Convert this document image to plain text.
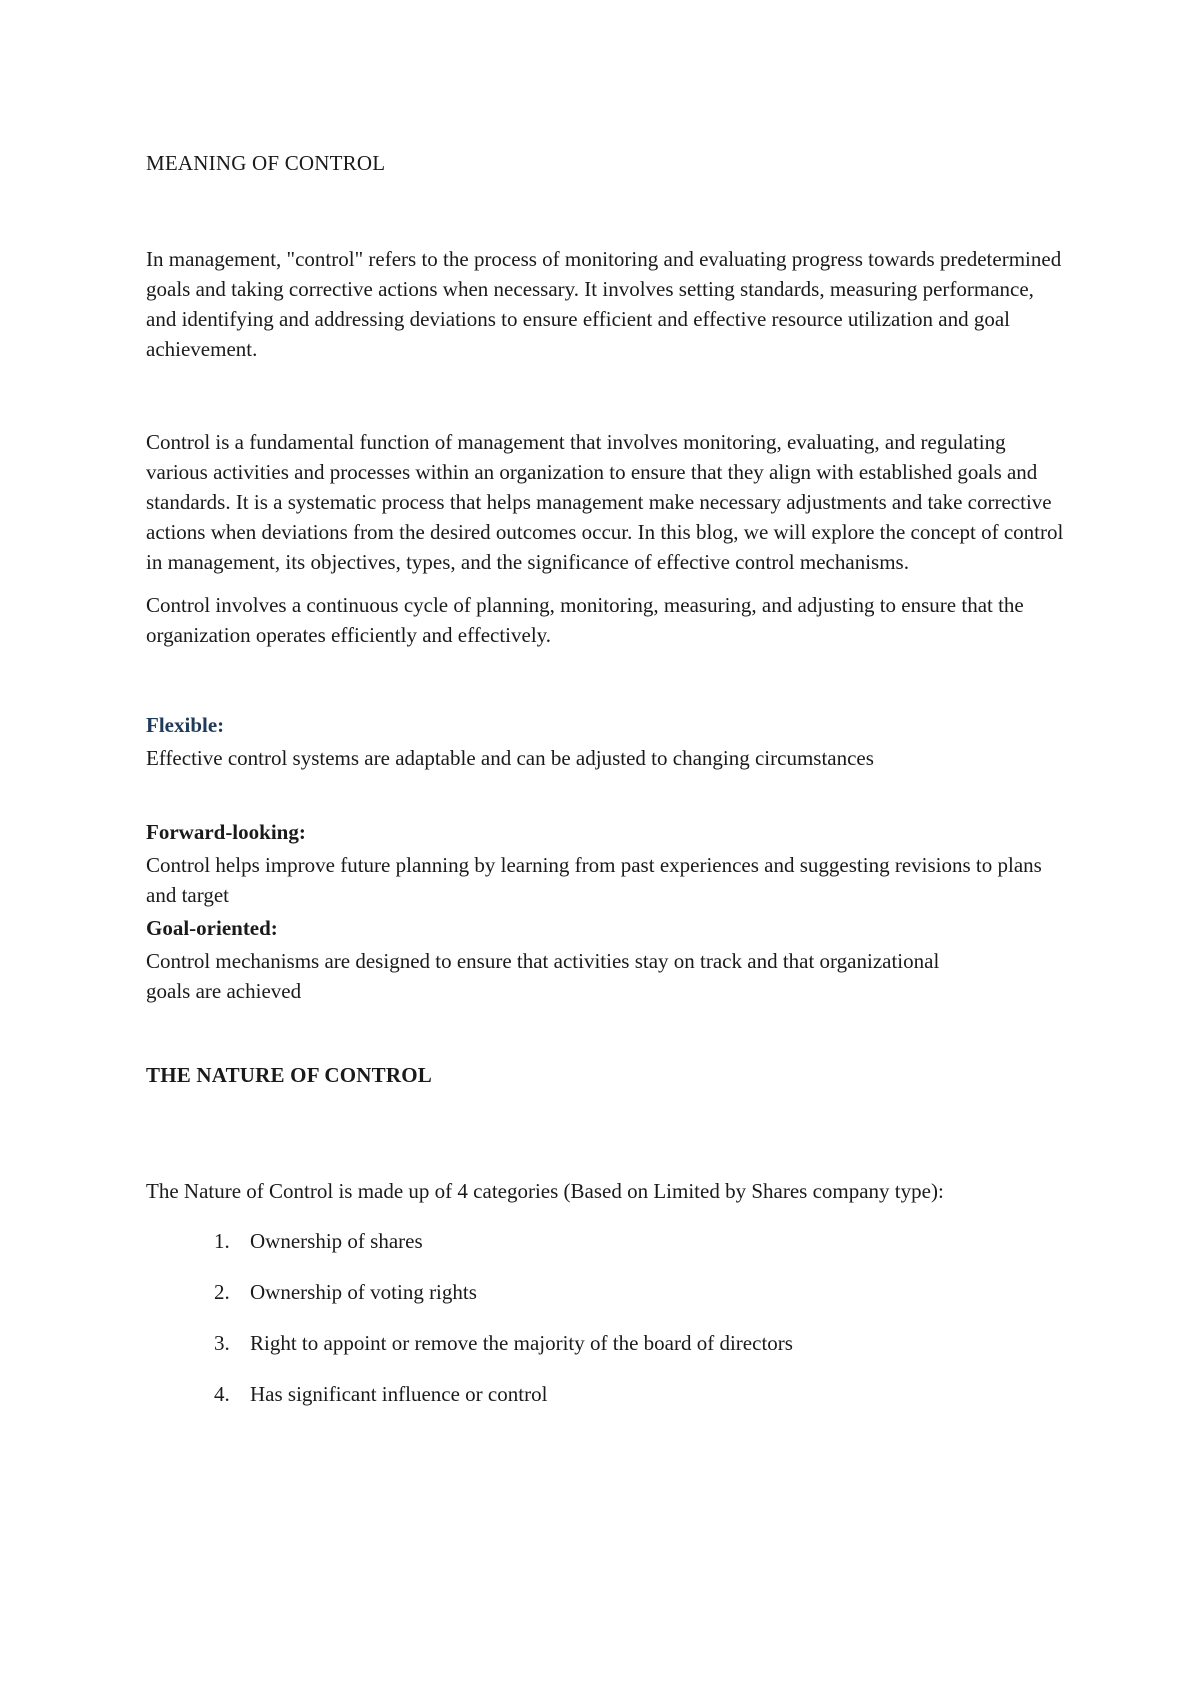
MEANING OF CONTROL

In management, "control" refers to the process of monitoring and evaluating progress towards predetermined goals and taking corrective actions when necessary. It involves setting standards, measuring performance, and identifying and addressing deviations to ensure efficient and effective resource utilization and goal achievement.

Control is a fundamental function of management that involves monitoring, evaluating, and regulating various activities and processes within an organization to ensure that they align with established goals and standards. It is a systematic process that helps management make necessary adjustments and take corrective actions when deviations from the desired outcomes occur. In this blog, we will explore the concept of control in management, its objectives, types, and the significance of effective control mechanisms.

Control involves a continuous cycle of planning, monitoring, measuring, and adjusting to ensure that the organization operates efficiently and effectively.

Flexible:

Effective control systems are adaptable and can be adjusted to changing circumstances

Forward-looking:

Control helps improve future planning by learning from past experiences and suggesting revisions to plans and target

Goal-oriented:

Control mechanisms are designed to ensure that activities stay on track and that organizational goals are achieved

THE NATURE OF CONTROL

The Nature of Control is made up of 4 categories (Based on Limited by Shares company type):

1. Ownership of shares
2. Ownership of voting rights
3. Right to appoint or remove the majority of the board of directors
4. Has significant influence or control
